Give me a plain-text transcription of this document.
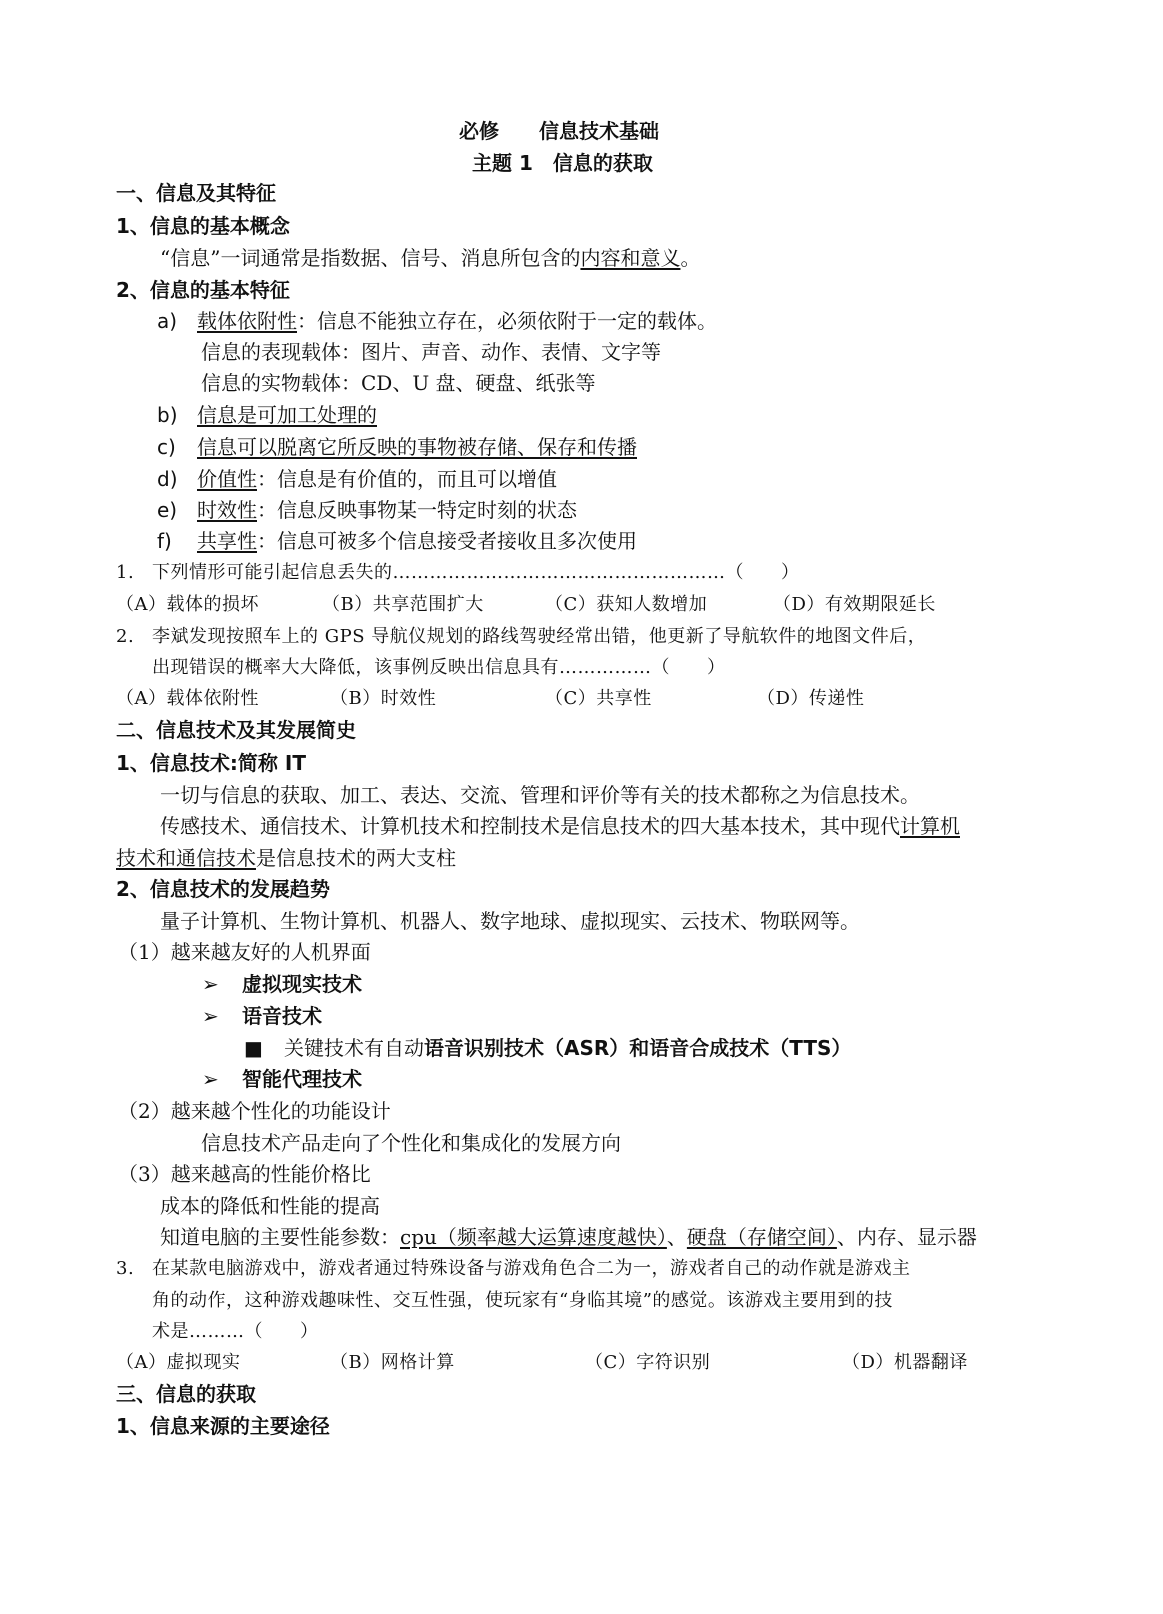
必修　　信息技术基础
主题 1　信息的获取
一、信息及其特征
1、信息的基本概念
“信息”一词通常是指数据、信号、消息所包含的内容和意义。
2、信息的基本特征
a) 载体依附性：信息不能独立存在，必须依附于一定的载体。
信息的表现载体：图片、声音、动作、表情、文字等
信息的实物载体：CD、U 盘、硬盘、纸张等
b) 信息是可加工处理的
c) 信息可以脱离它所反映的事物被存储、保存和传播
d) 价值性：信息是有价值的，而且可以增值
e) 时效性：信息反映事物某一特定时刻的状态
f) 共享性：信息可被多个信息接受者接收且多次使用
1. 下列情形可能引起信息丢失的………………………………………………（　　）
（A）载体的损坏	（B）共享范围扩大	（C）获知人数增加	（D）有效期限延长
2. 李斌发现按照车上的 GPS 导航仪规划的路线驾驶经常出错，他更新了导航软件的地图文件后，
出现错误的概率大大降低，该事例反映出信息具有……………（　　）
（A）载体依附性	（B）时效性	（C）共享性	（D）传递性
二、信息技术及其发展简史
1、信息技术:简称 IT
一切与信息的获取、加工、表达、交流、管理和评价等有关的技术都称之为信息技术。
传感技术、通信技术、计算机技术和控制技术是信息技术的四大基本技术，其中现代计算机
技术和通信技术是信息技术的两大支柱
2、信息技术的发展趋势
量子计算机、生物计算机、机器人、数字地球、虚拟现实、云技术、物联网等。
（1）越来越友好的人机界面
➢ 虚拟现实技术
➢ 语音技术
■ 关键技术有自动语音识别技术（ASR）和语音合成技术（TTS）
➢ 智能代理技术
（2）越来越个性化的功能设计
信息技术产品走向了个性化和集成化的发展方向
（3）越来越高的性能价格比
成本的降低和性能的提高
知道电脑的主要性能参数：cpu（频率越大运算速度越快）、硬盘（存储空间）、内存、显示器
3. 在某款电脑游戏中，游戏者通过特殊设备与游戏角色合二为一，游戏者自己的动作就是游戏主
角的动作，这种游戏趣味性、交互性强，使玩家有“身临其境”的感觉。该游戏主要用到的技
术是………（　　）
（A）虚拟现实	（B）网格计算	（C）字符识别	（D）机器翻译
三、信息的获取
1、信息来源的主要途径
